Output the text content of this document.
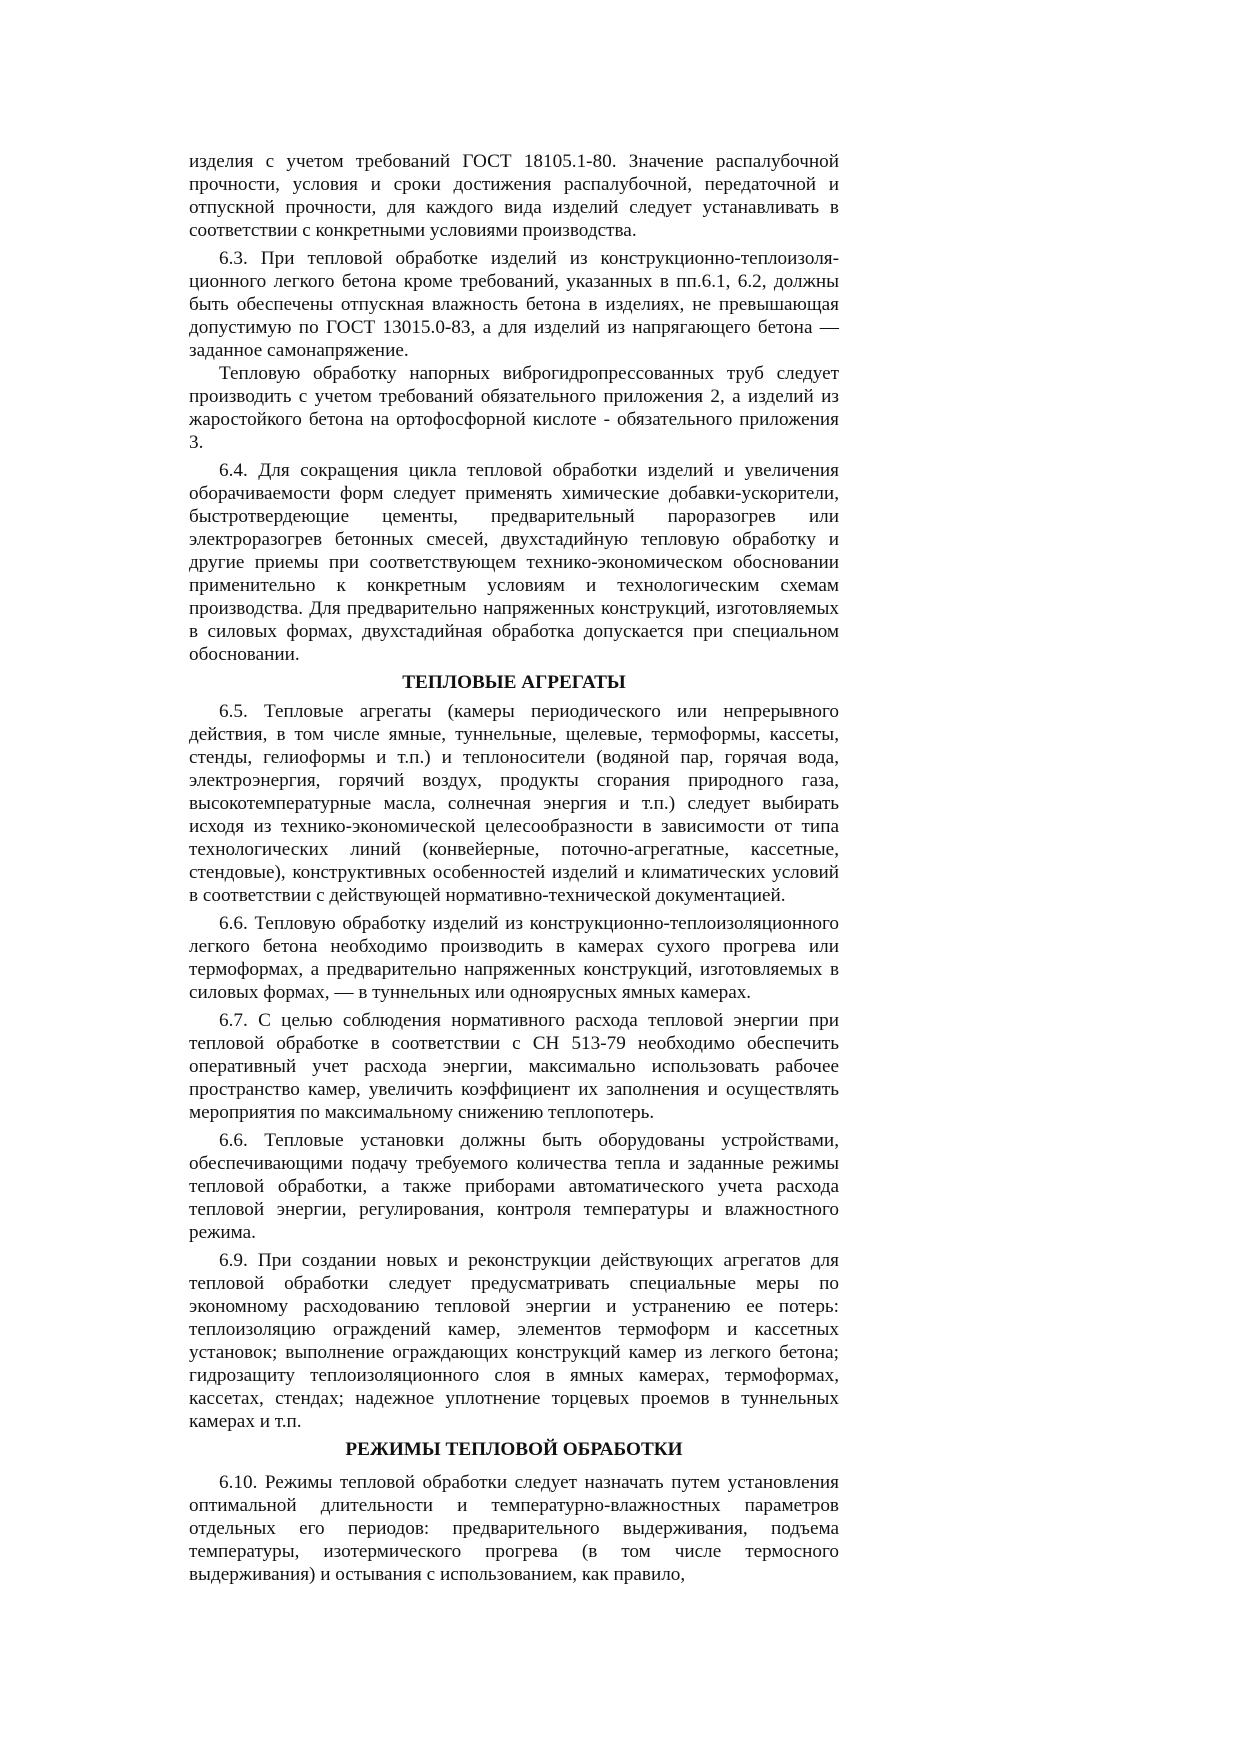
изделия с учетом требований ГОСТ 18105.1-80. Значение распалубочной прочности, условия и сроки достижения распалубочной, передаточной и отпускной прочности, для каждого вида изделий следует устанавливать в соответствии с конкретными условиями производства.

6.3. При тепловой обработке изделий из конструкционно-теплоизоляционного легкого бетона кроме требований, указанных в пп.6.1, 6.2, должны быть обеспечены отпускная влажность бетона в изделиях, не превышающая допустимую по ГОСТ 13015.0-83, а для изделий из напрягающего бетона — заданное самонапряжение.

Тепловую обработку напорных виброгидропрессованных труб следует производить с учетом требований обязательного приложения 2, а изделий из жаростойкого бетона на ортофосфорной кислоте - обязательного приложения 3.

6.4. Для сокращения цикла тепловой обработки изделий и увеличения оборачиваемости форм следует применять химические добавки-ускорители, быстротвердеющие цементы, предварительный пароразогрев или электроразогрев бетонных смесей, двухстадийную тепловую обработку и другие приемы при соответствующем технико-экономическом обосновании применительно к конкретным условиям и технологическим схемам производства. Для предварительно напряженных конструкций, изготовляемых в силовых формах, двухстадийная обработка допускается при специальном обосновании.

ТЕПЛОВЫЕ АГРЕГАТЫ

6.5. Тепловые агрегаты (камеры периодического или непрерывного действия, в том числе ямные, туннельные, щелевые, термоформы, кассеты, стенды, гелиоформы и т.п.) и теплоносители (водяной пар, горячая вода, электроэнергия, горячий воздух, продукты сгорания природного газа, высокотемпературные масла, солнечная энергия и т.п.) следует выбирать исходя из технико-экономической целесообразности в зависимости от типа технологических линий (конвейерные, поточно-агрегатные, кассетные, стендовые), конструктивных особенностей изделий и климатических условий в соответствии с действующей нормативно-технической документацией.

6.6. Тепловую обработку изделий из конструкционно-теплоизоляционного легкого бетона необходимо производить в камерах сухого прогрева или термоформах, а предварительно напряженных конструкций, изготовляемых в силовых формах, — в туннельных или одноярусных ямных камерах.

6.7. С целью соблюдения нормативного расхода тепловой энергии при тепловой обработке в соответствии с СН 513-79 необходимо обеспечить оперативный учет расхода энергии, максимально использовать рабочее пространство камер, увеличить коэффициент их заполнения и осуществлять мероприятия по максимальному снижению теплопотерь.

6.6. Тепловые установки должны быть оборудованы устройствами, обеспечивающими подачу требуемого количества тепла и заданные режимы тепловой обработки, а также приборами автоматического учета расхода тепловой энергии, регулирования, контроля температуры и влажностного режима.

6.9. При создании новых и реконструкции действующих агрегатов для тепловой обработки следует предусматривать специальные меры по экономному расходованию тепловой энергии и устранению ее потерь: теплоизоляцию ограждений камер, элементов термоформ и кассетных установок; выполнение ограждающих конструкций камер из легкого бетона; гидрозащиту теплоизоляционного слоя в ямных камерах, термоформах, кассетах, стендах; надежное уплотнение торцевых проемов в туннельных камерах и т.п.

РЕЖИМЫ ТЕПЛОВОЙ ОБРАБОТКИ

6.10. Режимы тепловой обработки следует назначать путем установления оптимальной длительности и температурно-влажностных параметров отдельных его периодов: предварительного выдерживания, подъема температуры, изотермического прогрева (в том числе термосного выдерживания) и остывания с использованием, как правило,
